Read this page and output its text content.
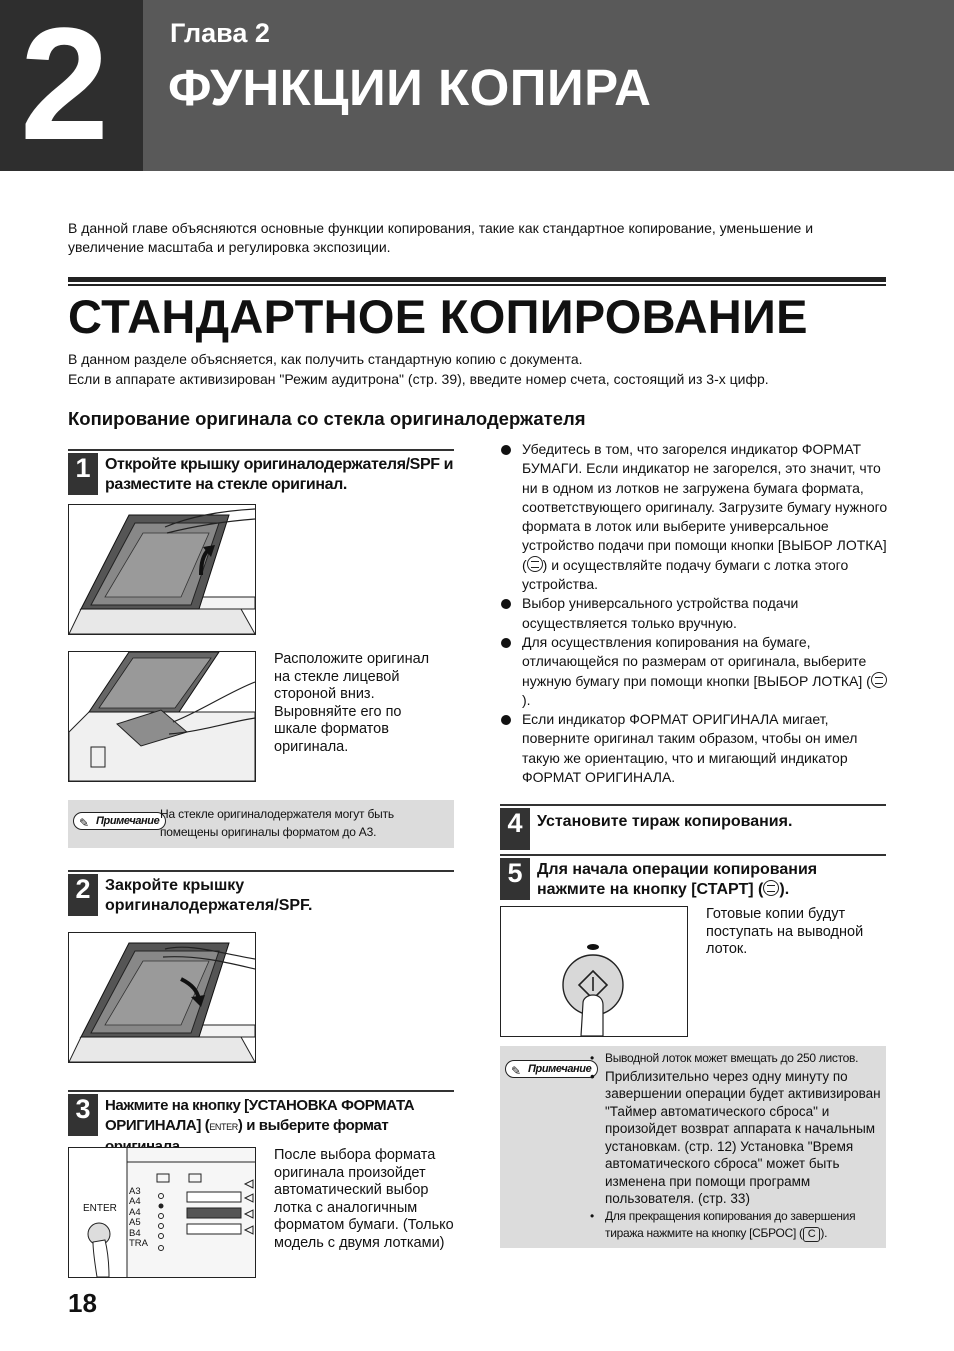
2 Глава 2
ФУНКЦИИ КОПИРА
В данной главе объясняются основные функции копирования, такие как стандартное копирование, уменьшение и увеличение масштаба и регулировка экспозиции.
СТАНДАРТНОЕ КОПИРОВАНИЕ
В данном разделе объясняется, как получить стандартную копию с документа.
Если в аппарате активизирован "Режим аудитрона" (стр. 39), введите номер счета, состоящий из 3-х цифр.
Копирование оригинала со стекла оригиналодержателя
1 Откройте крышку оригиналодержателя/SPF и разместите на стекле оригинал.
Расположите оригинал на стекле лицевой стороной вниз. Выровняйте его по шкале форматов оригинала.
✎ Примечание На стекле оригиналодержателя могут быть помещены оригиналы форматом до А3.
2 Закройте крышку оригиналодержателя/SPF.
3 Нажмите на кнопку [УСТАНОВКА ФОРМАТА ОРИГИНАЛА] (ENTER) и выберите формат
ENTER
A3
A4
A4
A5
B4
TRA
После выбора формата оригинала произойдет автоматический выбор лотка с аналогичным форматом бумаги. (Только модель с двумя лотками)
Убедитесь в том, что загорелся индикатор ФОРМАТ БУМАГИ. Если индикатор не загорелся, это значит, что ни в одном из лотков не загружена бумага формата, соответствующего оригиналу. Загрузите бумагу нужного формата в лоток или выберите универсальное устройство подачи при помощи кнопки [ВЫБОР ЛОТКА] ( ) и осуществляйте подачу бумаги с лотка этого устройства.
Выбор универсального устройства подачи осуществляется только вручную.
Для осуществления копирования на бумаге, отличающейся по размерам от оригинала, выберите нужную бумагу при помощи кнопки [ВЫБОР ЛОТКА] ().
Если индикатор ФОРМАТ ОРИГИНАЛА мигает, поверните оригинал таким образом, чтобы он имел такую же ориентацию, что и мигающий индикатор ФОРМАТ ОРИГИНАЛА.
4 Установите тираж копирования.
5 Для начала операции копирования нажмите на кнопку [СТАРТ] ( ).
Готовые копии будут поступать на выводной лоток.
✎ Примечание
• Выводной лоток может вмещать до 250 листов.
• Приблизительно через одну минуту по завершении операции будет активизирован "Таймер автоматического сброса" и произойдет возврат аппарата к начальным установкам. (стр. 12) Установка "Время автоматического сброса" может быть изменена при помощи программ пользователя. (стр. 33)
• Для прекращения копирования до завершения тиража нажмите на кнопку [СБРОС] ( C ).
18
